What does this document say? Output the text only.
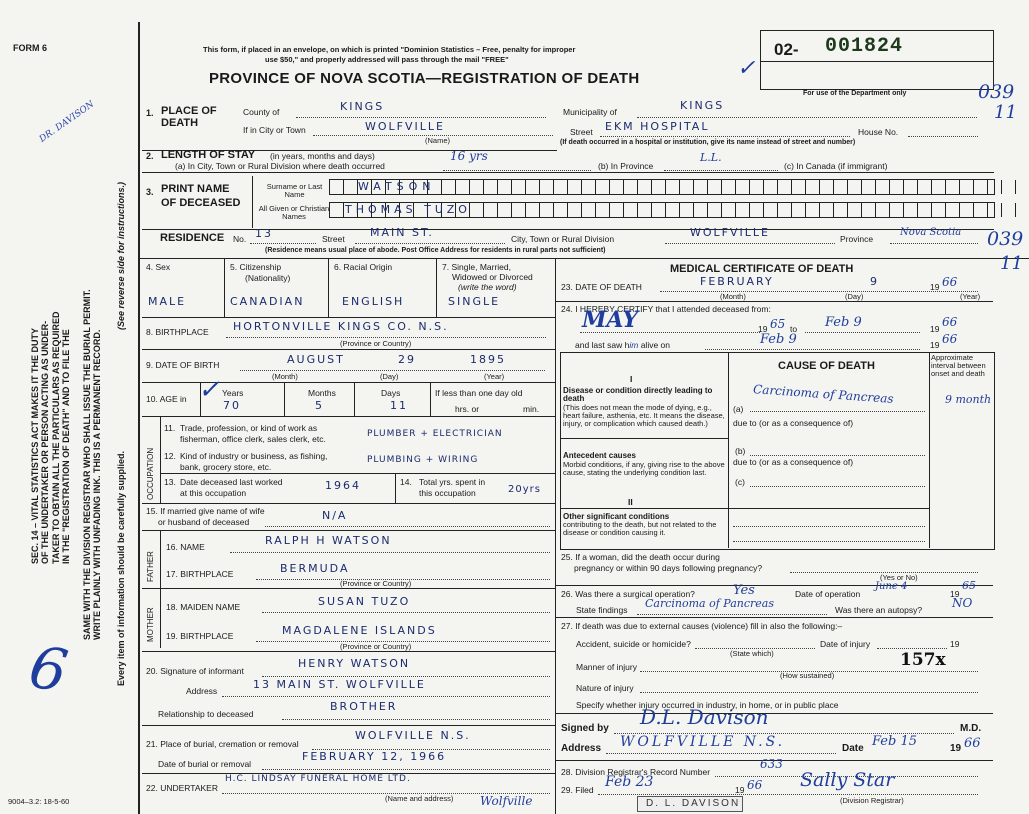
FORM 6	This form, if placed in an envelope, on which is printed "Dominion Statistics – Free, penalty for improper
use $50," and properly addressed will pass through the mail "FREE"
PROVINCE OF NOVA SCOTIA—REGISTRATION OF DEATH
02- 001824
For use of the Department only	039
11
039
11
✓
DR. DAVISON
SEC. 14 – VITAL STATISTICS ACT MAKES IT THE DUTY OF THE UNDERTAKER OR PERSON ACTING AS UNDER- TAKER TO OBTAIN ALL THE PARTICULARS AS REQUIRED IN THE "REGISTRATION OF DEATH" AND TO FILE THE SAME WITH THE DIVISION REGISTRAR WHO SHALL ISSUE THE BURIAL PERMIT. WRITE PLAINLY WITH UNFADING INK. THIS IS A PERMANENT RECORD.
(See reverse side for instructions.)
Every item of information should be carefully supplied.
6
1. PLACE OF DEATH
County of	KINGS	Municipality of	KINGS
If in City or Town	WOLFVILLE
(Name)
Street EKM HOSPITAL	House No.
(If death occurred in a hospital or institution, give its name instead of street and number)
2. LENGTH OF STAY (in years, months and days)
(a) In City, Town or Rural Division where death occurred
16 yrs
(b) In Province
L.L.
(c) In Canada (if immigrant)
3. PRINT NAME
OF DECEASED
Surname or Last Name
All Given or Christian Names
WATSON
THOMAS TUZO
RESIDENCE No. 13	Street MAIN ST.	City, Town or Rural Division	WOLFVILLE	Province
Nova Scotia
(Residence means usual place of abode. Post Office Address for residents in rural parts not sufficient)
4. Sex
MALE
5. Citizenship
(Nationality)
CANADIAN
6. Racial Origin
ENGLISH
7. Single, Married,
Widowed or Divorced
(write the word)
SINGLE
8. BIRTHPLACE HORTONVILLE KINGS CO. N.S.
(Province or Country)
9. DATE OF BIRTH	AUGUST	29	1895
(Month)	(Day)	(Year)
10. AGE in
Years	Months	Days
70	5	11
If less than one day old
hrs. or	min.
✓
OCCUPATION
11. Trade, profession, or kind of work as
fisherman, office clerk, sales clerk, etc.	PLUMBER + ELECTRICIAN
12. Kind of industry or business, as fishing,
bank, grocery store, etc.
PLUMBING + WIRING
13. Date deceased last worked
at this occupation
1964	14. Total yrs. spent in
this occupation	20yrs
15. If married give name of wife
or husband of deceased	N/A
FATHER
16. NAME	RALPH H WATSON
17. BIRTHPLACE	BERMUDA
(Province or Country)
MOTHER
18. MAIDEN NAME	SUSAN TUZO
19. BIRTHPLACE	MAGDALENE ISLANDS
(Province or Country)
20. Signature of informant
HENRY WATSON
Address	13 MAIN ST. WOLFVILLE
Relationship to deceased
BROTHER
21. Place of burial, cremation or removal
WOLFVILLE N.S.
Date of burial or removal
FEBRUARY 12, 1966
22. UNDERTAKER
H.C. LINDSAY FUNERAL HOME LTD.
Wolfville
(Name and address)
9004–3.2: 18-5-60
MEDICAL CERTIFICATE OF DEATH
23. DATE OF DEATH	FEBRUARY	9	19 66
(Month)	(Day)	(Year)
24. I HEREBY CERTIFY that I attended deceased from:
MAY	19 65 to Feb 9	19 66
and last saw him alive on	Feb 9	19 66
CAUSE OF DEATH
Approximate interval between onset and death
I
Disease or condition directly leading to death
(This does not mean the mode of dying, e.g., heart failure, asthenia, etc. It means the disease, injury, or complication which caused death.)
(a)
Carcinoma of Pancreas	9 month
due to (or as a consequence of)
Antecedent causes
Morbid conditions, if any, giving rise to the above cause, stating the underlying condition last.
(b)
due to (or as a consequence of)
(c)
II
Other significant conditions
contributing to the death, but not related to the disease or condition causing it.
25. If a woman, did the death occur during
pregnancy or within 90 days following pregnancy?
(Yes or No)
26. Was there a surgical operation?	Yes	Date of operation
June 4
19
65
State findings Carcinoma of Pancreas	Was there an autopsy? NO
27. If death was due to external causes (violence) fill in also the following:–
Accident, suicide or homicide?
(State which)
Date of injury	19
Manner of injury	157x
(How sustained)
Nature of injury
Specify whether injury occurred in industry, in home, or in public place
Signed by D.L. Davison	M.D.
Address WOLFVILLE N.S.	Date Feb 15	19 66
28. Division Registrar's Record Number
633
29. Filed Feb 23	19 66 Sally Star
(Division Registrar)
D. L. DAVISON
